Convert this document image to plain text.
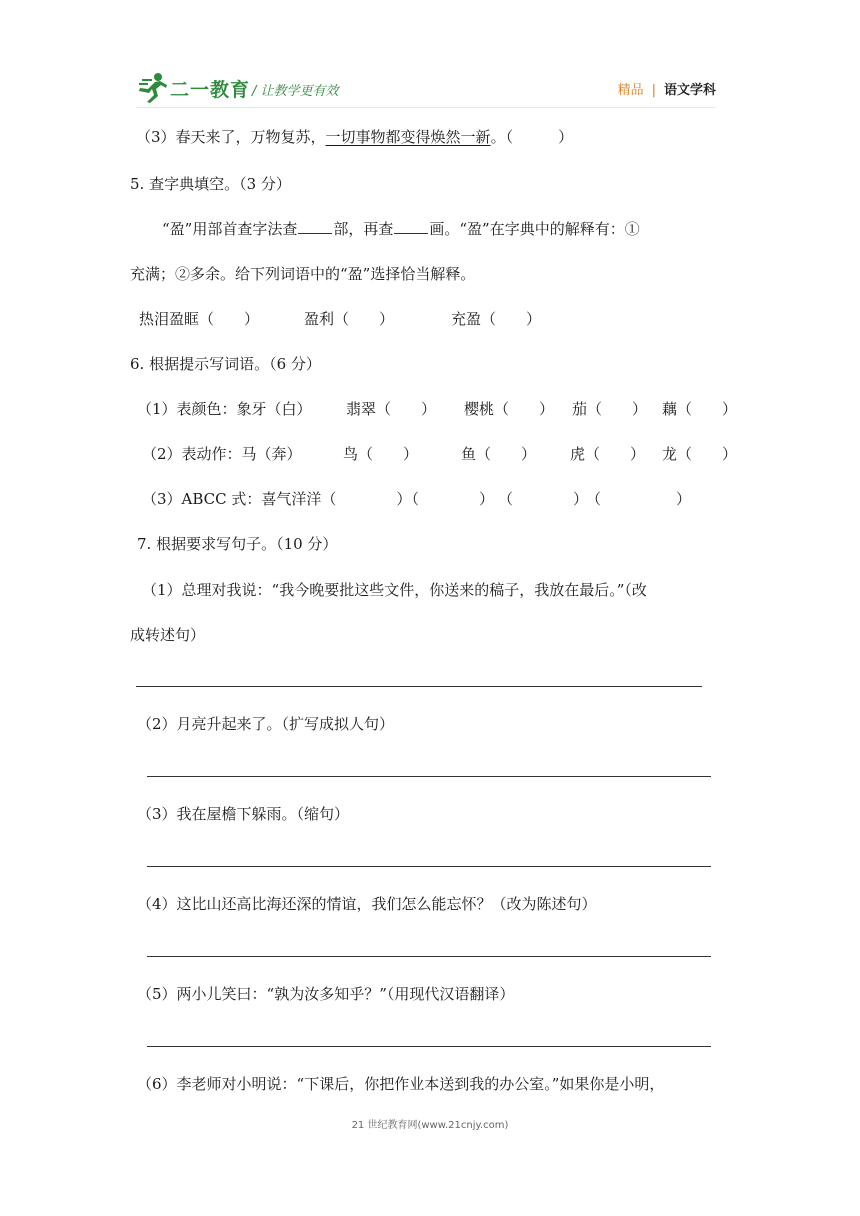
二一教育 / 让教学更有效	精品 | 语文学科
（3）春天来了，万物复苏，一切事物都变得焕然一新。（　　　）
5. 查字典填空。（3 分）
“盈”用部首查字法查 部，再查 画。“盈”在字典中的解释有：①
充满；②多余。给下列词语中的“盈”选择恰当解释。
热泪盈眶（　　）	盈利（　　）	充盈（　　）
6. 根据提示写词语。（6 分）
（1）表颜色：象牙（白） 翡翠（　　） 樱桃（　　） 茄（　　） 藕（　　）
（2）表动作：马（奔）	鸟（　　）	鱼（　　） 虎（　　） 龙（　　）
（3）ABCC 式：喜气洋洋（　　　　）
（　　　　） （　　　　）
（　　　　　）
7. 根据要求写句子。（10 分）
（1）总理对我说：“我今晚要批这些文件，你送来的稿子，我放在最后。”（改
成转述句）
（2）月亮升起来了。（扩写成拟人句）
（3）我在屋檐下躲雨。（缩句）
（4）这比山还高比海还深的情谊，我们怎么能忘怀？（改为陈述句）
（5）两小儿笑曰：“孰为汝多知乎？”（用现代汉语翻译）
（6）李老师对小明说：“下课后，你把作业本送到我的办公室。”如果你是小明，
21 世纪教育网(www.21cnjy.com)
